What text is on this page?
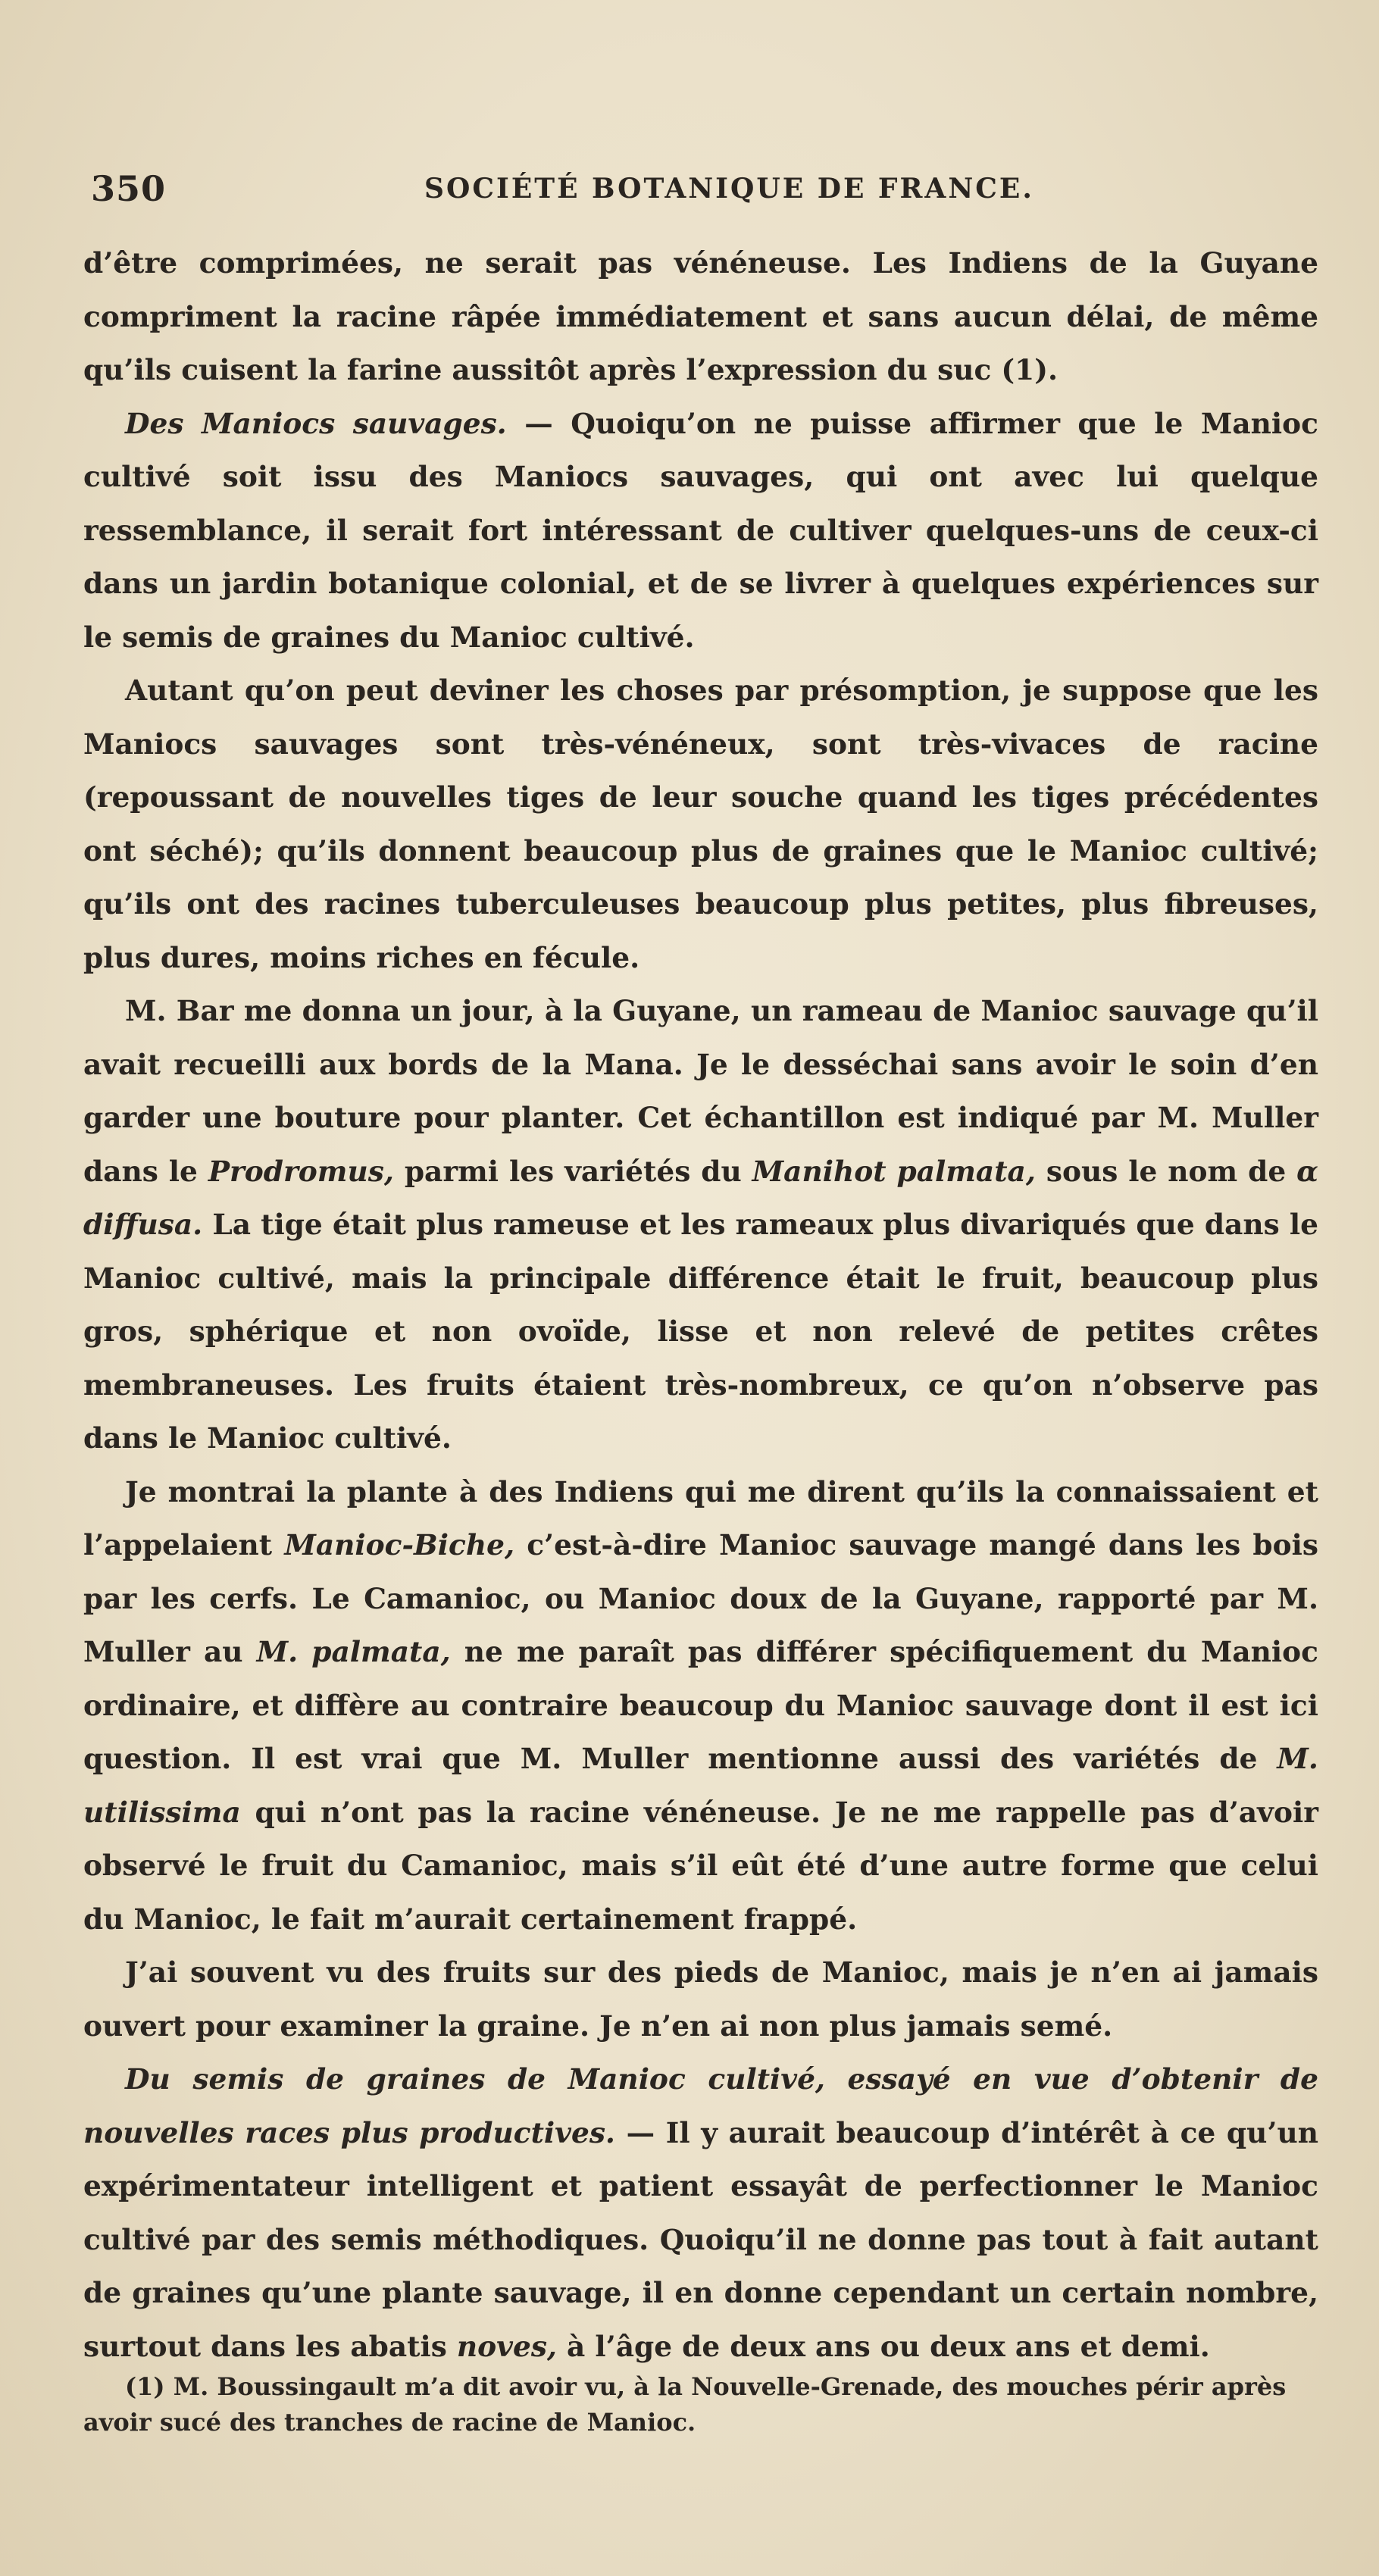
350	SOCIÉTÉ BOTANIQUE DE FRANCE.

d’être comprimées, ne serait pas vénéneuse. Les Indiens de la Guyane compriment la racine râpée immédiatement et sans aucun délai, de même qu’ils cuisent la farine aussitôt après l’expression du suc (1).

Des Maniocs sauvages. — Quoiqu’on ne puisse affirmer que le Manioc cultivé soit issu des Maniocs sauvages, qui ont avec lui quelque ressemblance, il serait fort intéressant de cultiver quelques-uns de ceux-ci dans un jardin botanique colonial, et de se livrer à quelques expériences sur le semis de graines du Manioc cultivé.

Autant qu’on peut deviner les choses par présomption, je suppose que les Maniocs sauvages sont très-vénéneux, sont très-vivaces de racine (repoussant de nouvelles tiges de leur souche quand les tiges précédentes ont séché); qu’ils donnent beaucoup plus de graines que le Manioc cultivé; qu’ils ont des racines tuberculeuses beaucoup plus petites, plus fibreuses, plus dures, moins riches en fécule.

M. Bar me donna un jour, à la Guyane, un rameau de Manioc sauvage qu’il avait recueilli aux bords de la Mana. Je le desséchai sans avoir le soin d’en garder une bouture pour planter. Cet échantillon est indiqué par M. Muller dans le Prodromus, parmi les variétés du Manihot palmata, sous le nom de α diffusa. La tige était plus rameuse et les rameaux plus divariqués que dans le Manioc cultivé, mais la principale différence était le fruit, beaucoup plus gros, sphérique et non ovoïde, lisse et non relevé de petites crêtes membraneuses. Les fruits étaient très-nombreux, ce qu’on n’observe pas dans le Manioc cultivé.

Je montrai la plante à des Indiens qui me dirent qu’ils la connaissaient et l’appelaient Manioc-Biche, c’est-à-dire Manioc sauvage mangé dans les bois par les cerfs. Le Camanioc, ou Manioc doux de la Guyane, rapporté par M. Muller au M. palmata, ne me paraît pas différer spécifiquement du Manioc ordinaire, et diffère au contraire beaucoup du Manioc sauvage dont il est ici question. Il est vrai que M. Muller mentionne aussi des variétés de M. utilissima qui n’ont pas la racine vénéneuse. Je ne me rappelle pas d’avoir observé le fruit du Camanioc, mais s’il eût été d’une autre forme que celui du Manioc, le fait m’aurait certainement frappé.

J’ai souvent vu des fruits sur des pieds de Manioc, mais je n’en ai jamais ouvert pour examiner la graine. Je n’en ai non plus jamais semé.

Du semis de graines de Manioc cultivé, essayé en vue d’obtenir de nouvelles races plus productives. — Il y aurait beaucoup d’intérêt à ce qu’un expérimentateur intelligent et patient essayât de perfectionner le Manioc cultivé par des semis méthodiques. Quoiqu’il ne donne pas tout à fait autant de graines qu’une plante sauvage, il en donne cependant un certain nombre, surtout dans les abatis noves, à l’âge de deux ans ou deux ans et demi.

(1) M. Boussingault m’a dit avoir vu, à la Nouvelle-Grenade, des mouches périr après avoir sucé des tranches de racine de Manioc.
